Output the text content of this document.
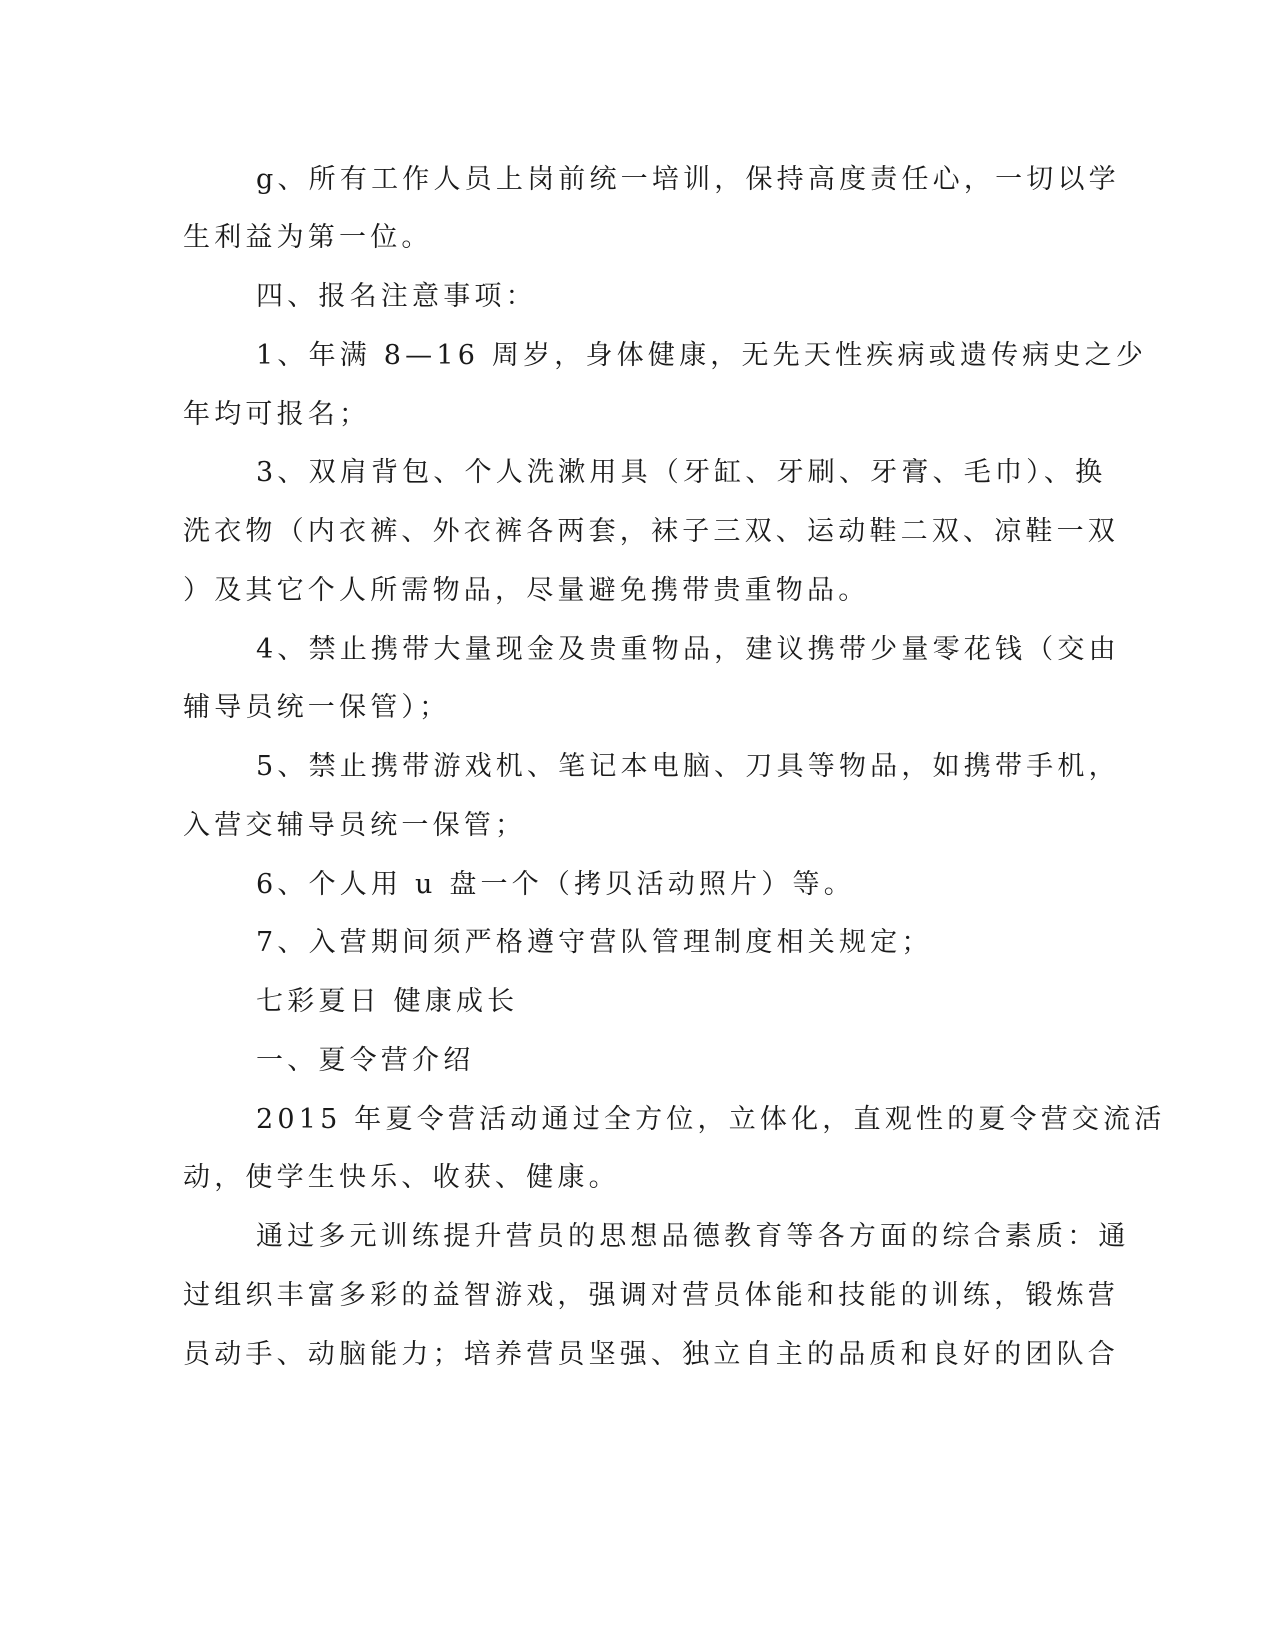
g、所有工作人员上岗前统一培训，保持高度责任心，一切以学
生利益为第一位。
四、报名注意事项：
1、年满 8—16 周岁，身体健康，无先天性疾病或遗传病史之少
年均可报名；
3、双肩背包、个人洗漱用具（牙缸、牙刷、牙膏、毛巾）、换
洗衣物（内衣裤、外衣裤各两套，袜子三双、运动鞋二双、凉鞋一双
）及其它个人所需物品，尽量避免携带贵重物品。
4、禁止携带大量现金及贵重物品，建议携带少量零花钱（交由
辅导员统一保管）；
5、禁止携带游戏机、笔记本电脑、刀具等物品，如携带手机，
入营交辅导员统一保管；
6、个人用 u 盘一个（拷贝活动照片）等。
7、入营期间须严格遵守营队管理制度相关规定；
七彩夏日 健康成长
一、夏令营介绍
2015 年夏令营活动通过全方位，立体化，直观性的夏令营交流活
动，使学生快乐、收获、健康。
通过多元训练提升营员的思想品德教育等各方面的综合素质：通
过组织丰富多彩的益智游戏，强调对营员体能和技能的训练，锻炼营
员动手、动脑能力；培养营员坚强、独立自主的品质和良好的团队合
